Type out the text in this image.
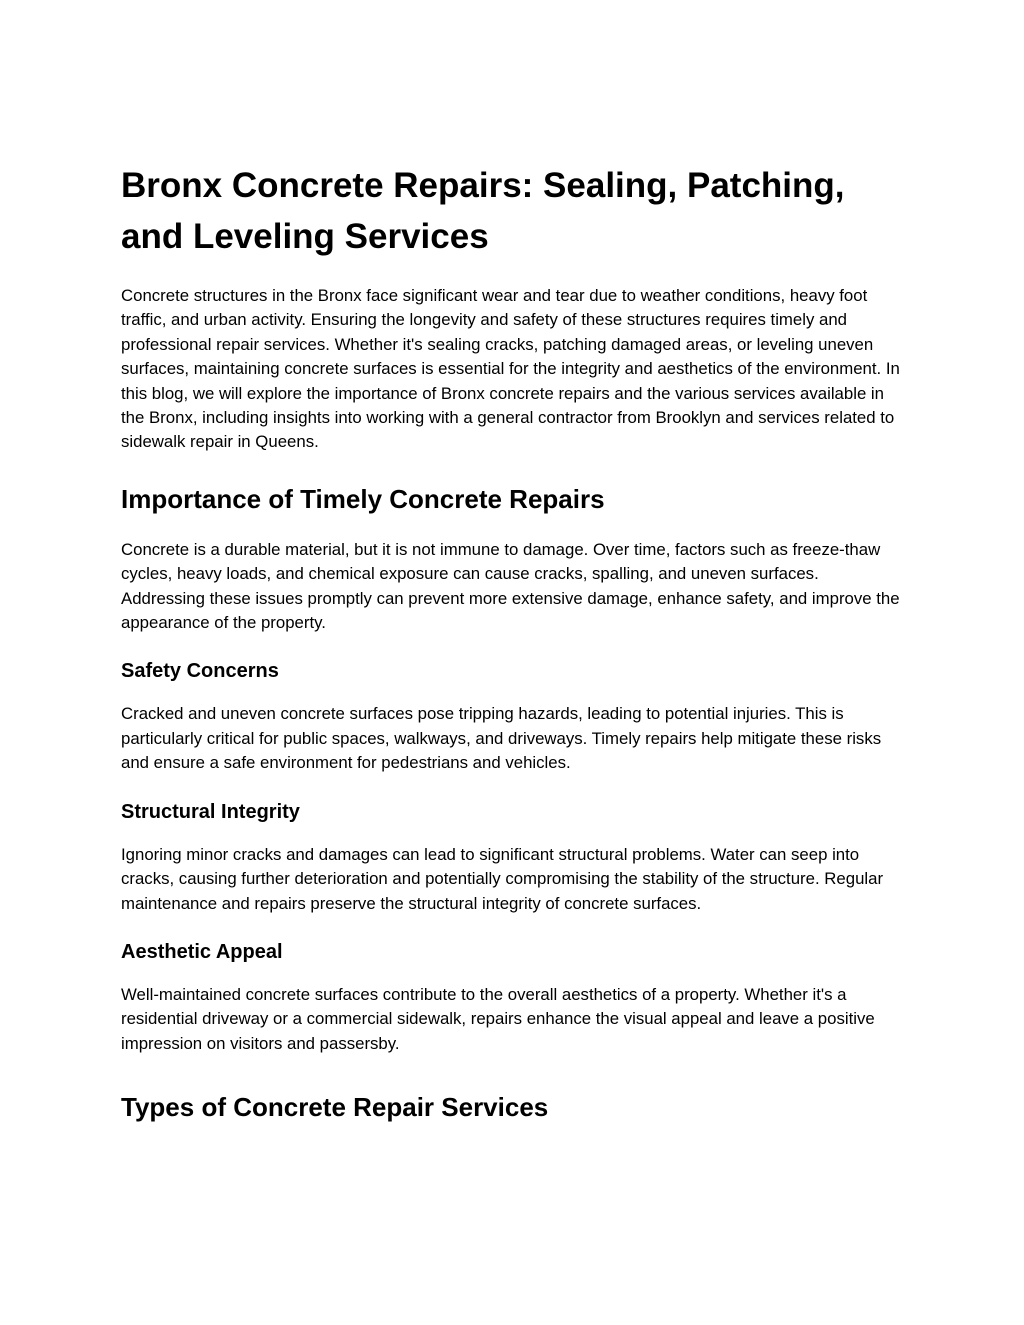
Bronx Concrete Repairs: Sealing, Patching, and Leveling Services

Concrete structures in the Bronx face significant wear and tear due to weather conditions, heavy foot traffic, and urban activity. Ensuring the longevity and safety of these structures requires timely and professional repair services. Whether it's sealing cracks, patching damaged areas, or leveling uneven surfaces, maintaining concrete surfaces is essential for the integrity and aesthetics of the environment. In this blog, we will explore the importance of Bronx concrete repairs and the various services available in the Bronx, including insights into working with a general contractor from Brooklyn and services related to sidewalk repair in Queens.

Importance of Timely Concrete Repairs

Concrete is a durable material, but it is not immune to damage. Over time, factors such as freeze-thaw cycles, heavy loads, and chemical exposure can cause cracks, spalling, and uneven surfaces. Addressing these issues promptly can prevent more extensive damage, enhance safety, and improve the appearance of the property.

Safety Concerns

Cracked and uneven concrete surfaces pose tripping hazards, leading to potential injuries. This is particularly critical for public spaces, walkways, and driveways. Timely repairs help mitigate these risks and ensure a safe environment for pedestrians and vehicles.

Structural Integrity

Ignoring minor cracks and damages can lead to significant structural problems. Water can seep into cracks, causing further deterioration and potentially compromising the stability of the structure. Regular maintenance and repairs preserve the structural integrity of concrete surfaces.

Aesthetic Appeal

Well-maintained concrete surfaces contribute to the overall aesthetics of a property. Whether it's a residential driveway or a commercial sidewalk, repairs enhance the visual appeal and leave a positive impression on visitors and passersby.

Types of Concrete Repair Services
